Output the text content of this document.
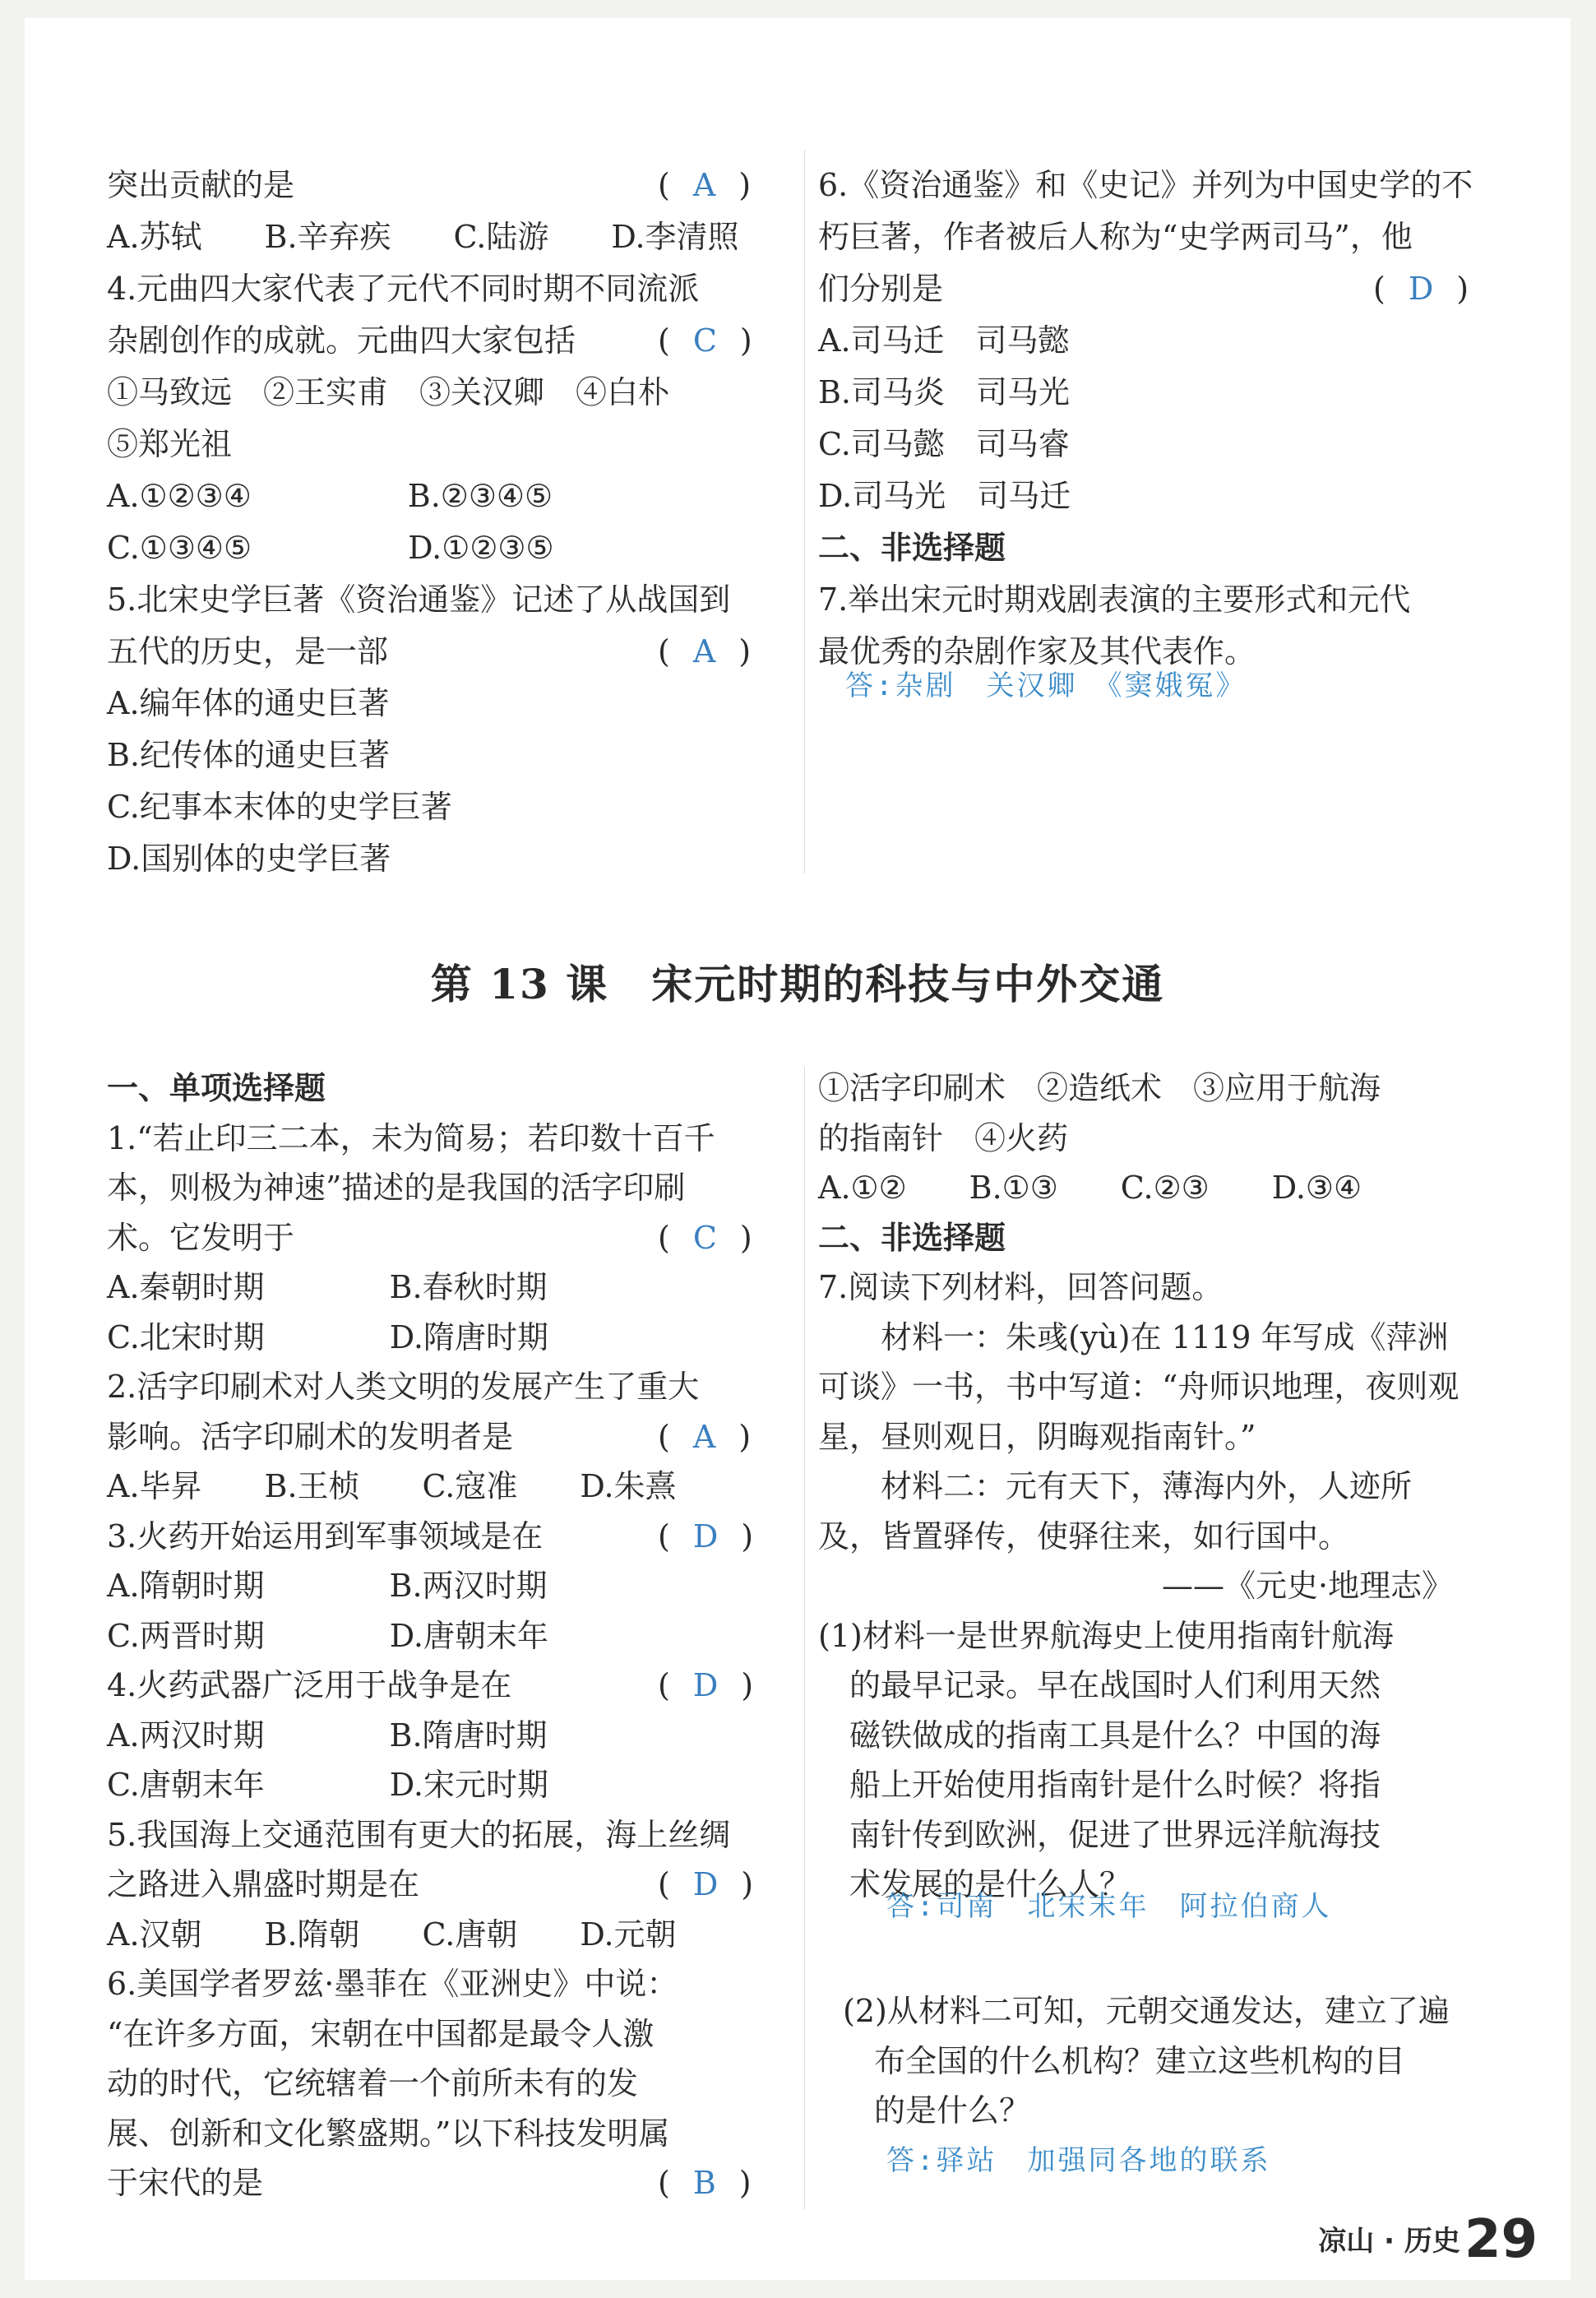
突出贡献的是	( A )
A.苏轼　　B.辛弃疾　　C.陆游　　D.李清照
4.元曲四大家代表了元代不同时期不同流派
杂剧创作的成就。元曲四大家包括	( C )
①马致远　②王实甫　③关汉卿　④白朴
⑤郑光祖
A.①②③④　　　　　B.②③④⑤
C.①③④⑤　　　　　D.①②③⑤
5.北宋史学巨著《资治通鉴》记述了从战国到
五代的历史，是一部	( A )
A.编年体的通史巨著
B.纪传体的通史巨著
C.纪事本末体的史学巨著
D.国别体的史学巨著
6.《资治通鉴》和《史记》并列为中国史学的不
朽巨著，作者被后人称为“史学两司马”，他
们分别是	( D )
A.司马迁　司马懿
B.司马炎　司马光
C.司马懿　司马睿
D.司马光　司马迁
二、非选择题
7.举出宋元时期戏剧表演的主要形式和元代
最优秀的杂剧作家及其代表作。
答:杂剧　关汉卿　《窦娥冤》
第 13 课　宋元时期的科技与中外交通
一、单项选择题
1.“若止印三二本，未为简易；若印数十百千
本，则极为神速”描述的是我国的活字印刷
术。它发明于	( C )
A.秦朝时期　　　　B.春秋时期
C.北宋时期　　　　D.隋唐时期
2.活字印刷术对人类文明的发展产生了重大
影响。活字印刷术的发明者是	( A )
A.毕昇　　B.王桢　　C.寇准　　D.朱熹
3.火药开始运用到军事领域是在	( D )
A.隋朝时期　　　　B.两汉时期
C.两晋时期　　　　D.唐朝末年
4.火药武器广泛用于战争是在	( D )
A.两汉时期　　　　B.隋唐时期
C.唐朝末年　　　　D.宋元时期
5.我国海上交通范围有更大的拓展，海上丝绸
之路进入鼎盛时期是在	( D )
A.汉朝　　B.隋朝　　C.唐朝　　D.元朝
6.美国学者罗兹·墨菲在《亚洲史》中说：
“在许多方面，宋朝在中国都是最令人激
动的时代，它统辖着一个前所未有的发
展、创新和文化繁盛期。”以下科技发明属
于宋代的是	( B )
①活字印刷术　②造纸术　③应用于航海
的指南针　④火药
A.①②　　B.①③　　C.②③　　D.③④
二、非选择题
7.阅读下列材料，回答问题。
　　材料一：朱彧(yù)在 1119 年写成《萍洲
可谈》一书，书中写道：“舟师识地理，夜则观
星，昼则观日，阴晦观指南针。”
　　材料二：元有天下，薄海内外，人迹所
及，皆置驿传，使驿往来，如行国中。
　　　　　　　　　　　——《元史·地理志》
(1)材料一是世界航海史上使用指南针航海
　的最早记录。早在战国时人们利用天然
　磁铁做成的指南工具是什么？中国的海
　船上开始使用指南针是什么时候？将指
　南针传到欧洲，促进了世界远洋航海技
　术发展的是什么人？
答:司南　北宋末年　阿拉伯商人
(2)从材料二可知，元朝交通发达，建立了遍
　布全国的什么机构？建立这些机构的目
　的是什么？
答:驿站　加强同各地的联系
凉山 · 历史 29
